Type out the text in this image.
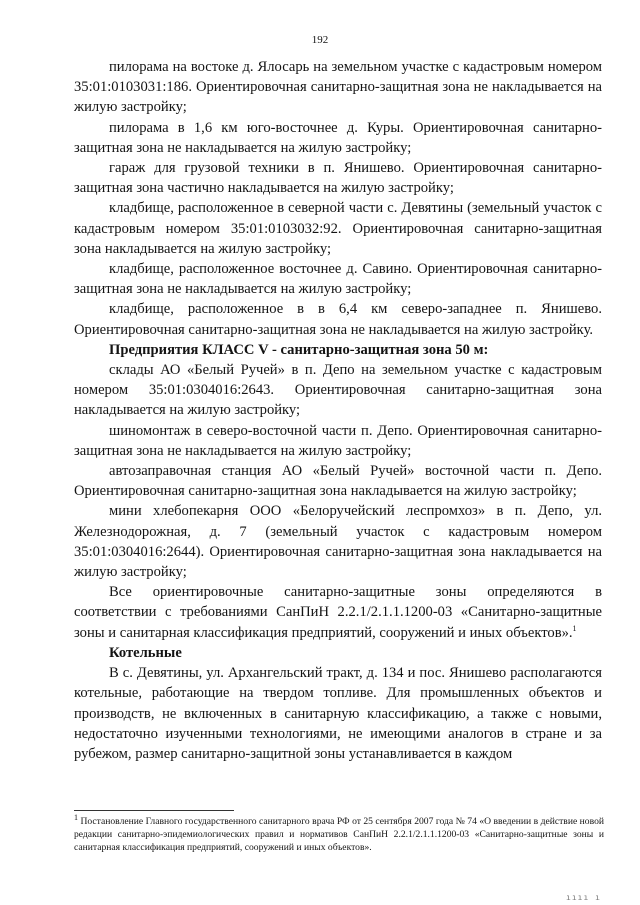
192

пилорама на востоке д. Ялосарь на земельном участке с кадастровым номером 35:01:0103031:186. Ориентировочная санитарно-защитная зона не накладывается на жилую застройку;

пилорама в 1,6 км юго-восточнее д. Куры. Ориентировочная санитарно-защитная зона не накладывается на жилую застройку;

гараж для грузовой техники в п. Янишево. Ориентировочная санитарно-защитная зона частично накладывается на жилую застройку;

кладбище, расположенное в северной части с. Девятины (земельный участок с кадастровым номером 35:01:0103032:92. Ориентировочная санитарно-защитная зона накладывается на жилую застройку;

кладбище, расположенное восточнее д. Савино. Ориентировочная санитарно-защитная зона не накладывается на жилую застройку;

кладбище, расположенное в в 6,4 км северо-западнее п. Янишево. Ориентировочная санитарно-защитная зона не накладывается на жилую застройку.

Предприятия КЛАСС V - санитарно-защитная зона 50 м:

склады АО «Белый Ручей» в п. Депо на земельном участке с кадастровым номером 35:01:0304016:2643. Ориентировочная санитарно-защитная зона накладывается на жилую застройку;

шиномонтаж в северо-восточной части п. Депо. Ориентировочная санитарно-защитная зона не накладывается на жилую застройку;

автозаправочная станция АО «Белый Ручей» восточной части п. Депо. Ориентировочная санитарно-защитная зона накладывается на жилую застройку;

мини хлебопекарня ООО «Белоручейский леспромхоз» в п. Депо, ул. Железнодорожная, д. 7 (земельный участок с кадастровым номером 35:01:0304016:2644). Ориентировочная санитарно-защитная зона накладывается на жилую застройку;

Все ориентировочные санитарно-защитные зоны определяются в соответствии с требованиями СанПиН 2.2.1/2.1.1.1200-03 «Санитарно-защитные зоны и санитарная классификация предприятий, сооружений и иных объектов».$^1$

Котельные

В с. Девятины, ул. Архангельский тракт, д. 134 и пос. Янишево располагаются котельные, работающие на твердом топливе. Для промышленных объектов и производств, не включенных в санитарную классификацию, а также с новыми, недостаточно изученными технологиями, не имеющими аналогов в стране и за рубежом, размер санитарно-защитной зоны устанавливается в каждом

$^1$ Постановление Главного государственного санитарного врача РФ от 25 сентября 2007 года № 74 «О введении в действие новой редакции санитарно-эпидемиологических правил и нормативов СанПиН 2.2.1/2.1.1.1200-03 «Санитарно-защитные зоны и санитарная классификация предприятий, сооружений и иных объектов».
ıııı ı
